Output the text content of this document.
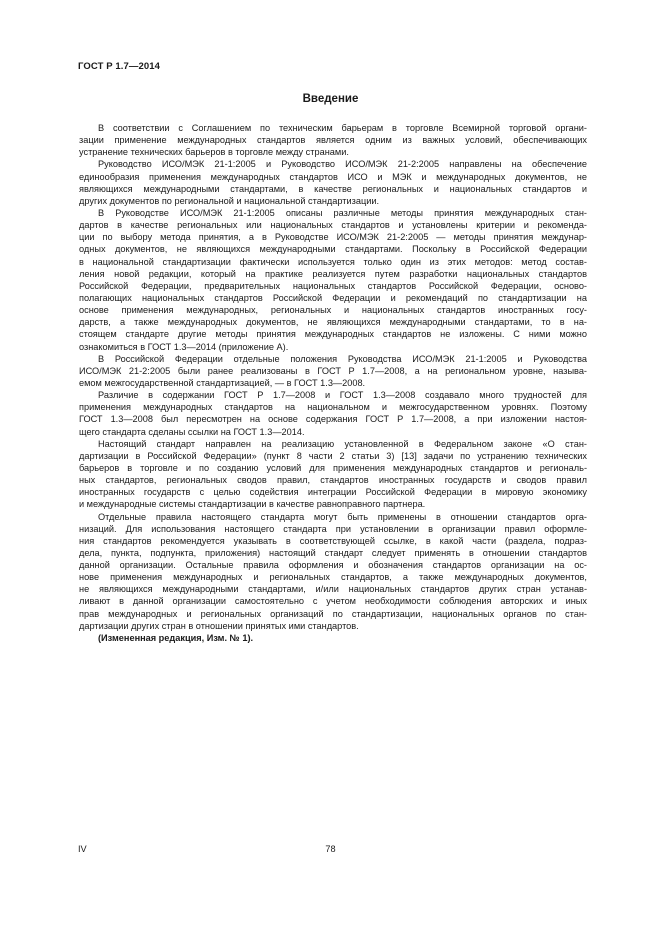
ГОСТ Р 1.7—2014
Введение
В соответствии с Соглашением по техническим барьерам в торговле Всемирной торговой органи-
зации применение международных стандартов является одним из важных условий, обеспечивающих
устранение технических барьеров в торговле между странами.
Руководство ИСО/МЭК 21-1:2005 и Руководство ИСО/МЭК 21-2:2005 направлены на обеспечение
единообразия применения международных стандартов ИСО и МЭК и международных документов, не
являющихся международными стандартами, в качестве региональных и национальных стандартов и
других документов по региональной и национальной стандартизации.
В Руководстве ИСО/МЭК 21-1:2005 описаны различные методы принятия международных стан-
дартов в качестве региональных или национальных стандартов и установлены критерии и рекоменда-
ции по выбору метода принятия, а в Руководстве ИСО/МЭК 21-2:2005 — методы принятия междунар-
одных документов, не являющихся международными стандартами. Поскольку в Российской Федерации
в национальной стандартизации фактически используется только один из этих методов: метод состав-
ления новой редакции, который на практике реализуется путем разработки национальных стандартов
Российской Федерации, предварительных национальных стандартов Российской Федерации, осново-
полагающих национальных стандартов Российской Федерации и рекомендаций по стандартизации на
основе применения международных, региональных и национальных стандартов иностранных госу-
дарств, а также международных документов, не являющихся международными стандартами, то в на-
стоящем стандарте другие методы принятия международных стандартов не изложены. С ними можно
ознакомиться в ГОСТ 1.3—2014 (приложение А).
В Российской Федерации отдельные положения Руководства ИСО/МЭК 21-1:2005 и Руководства
ИСО/МЭК 21-2:2005 были ранее реализованы в ГОСТ Р 1.7—2008, а на региональном уровне, называ-
емом межгосударственной стандартизацией, — в ГОСТ 1.3—2008.
Различие в содержании ГОСТ Р 1.7—2008 и ГОСТ 1.3—2008 создавало много трудностей для
применения международных стандартов на национальном и межгосударственном уровнях. Поэтому
ГОСТ 1.3—2008 был пересмотрен на основе содержания ГОСТ Р 1.7—2008, а при изложении настоя-
щего стандарта сделаны ссылки на ГОСТ 1.3—2014.
Настоящий стандарт направлен на реализацию установленной в Федеральном законе «О стан-
дартизации в Российской Федерации» (пункт 8 части 2 статьи 3) [13] задачи по устранению технических
барьеров в торговле и по созданию условий для применения международных стандартов и региональ-
ных стандартов, региональных сводов правил, стандартов иностранных государств и сводов правил
иностранных государств с целью содействия интеграции Российской Федерации в мировую экономику
и международные системы стандартизации в качестве равноправного партнера.
Отдельные правила настоящего стандарта могут быть применены в отношении стандартов орга-
низаций. Для использования настоящего стандарта при установлении в организации правил оформле-
ния стандартов рекомендуется указывать в соответствующей ссылке, в какой части (раздела, подраз-
дела, пункта, подпункта, приложения) настоящий стандарт следует применять в отношении стандартов
данной организации. Остальные правила оформления и обозначения стандартов организации на ос-
нове применения международных и региональных стандартов, а также международных документов,
не являющихся международными стандартами, и/или национальных стандартов других стран устанав-
ливают в данной организации самостоятельно с учетом необходимости соблюдения авторских и иных
прав международных и региональных организаций по стандартизации, национальных органов по стан-
дартизации других стран в отношении принятых ими стандартов.
(Измененная редакция, Изм. № 1).
IV	78
